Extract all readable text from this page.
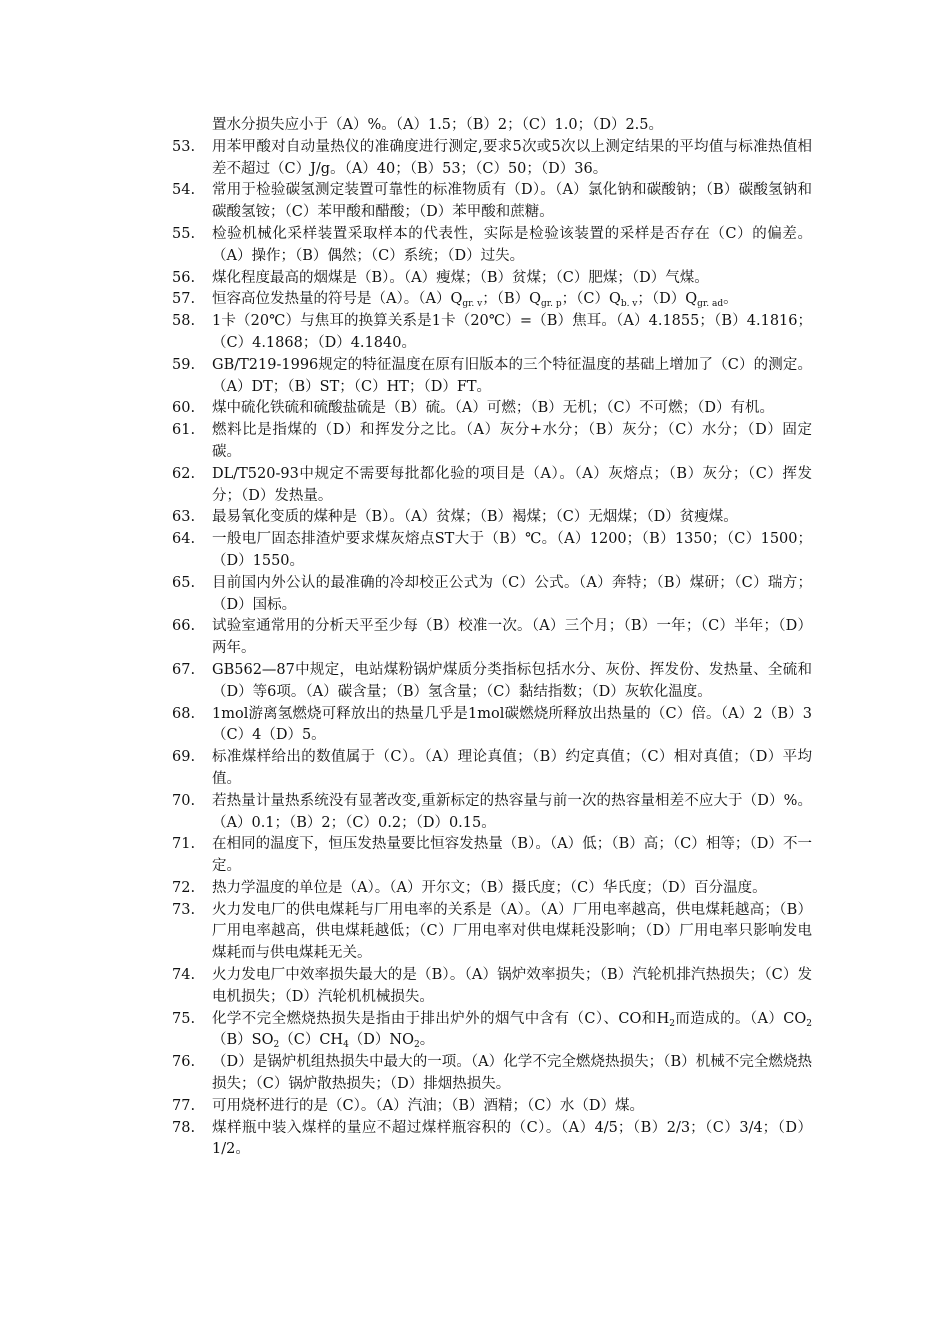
置水分损失应小于（A）%。（A）1.5；（B）2；（C）1.0；（D）2.5。
53.	用苯甲酸对自动量热仪的准确度进行测定,要求5次或5次以上测定结果的平均值与标准热值相差不超过（C）J/g。（A）40；（B）53；（C）50；（D）36。
54.	常用于检验碳氢测定装置可靠性的标准物质有（D）。（A）氯化钠和碳酸钠；（B）碳酸氢钠和碳酸氢铵；（C）苯甲酸和醋酸；（D）苯甲酸和蔗糖。
55.	检验机械化采样装置采取样本的代表性，实际是检验该装置的采样是否存在（C）的偏差。（A）操作；（B）偶然；（C）系统；（D）过失。
56.	煤化程度最高的烟煤是（B）。（A）瘦煤；（B）贫煤；（C）肥煤；（D）气煤。
57.	恒容高位发热量的符号是（A）。$(A)Q_{gr. v}$；$(B)Q_{gr. p}$；$(C)Q_{b. v}$；$(D)Q_{gr. ad}$。
58.	1卡（20℃）与焦耳的换算关系是1卡（20℃）=（B）焦耳。（A）4.1855；（B）4.1816；（C）4.1868；（D）4.1840。
59.	GB/T219-1996规定的特征温度在原有旧版本的三个特征温度的基础上增加了（C）的测定。（A）DT；（B）ST；（C）HT；（D）FT。
60.	煤中硫化铁硫和硫酸盐硫是（B）硫。（A）可燃；（B）无机；（C）不可燃；（D）有机。
61.	燃料比是指煤的（D）和挥发分之比。（A）灰分+水分；（B）灰分；（C）水分；（D）固定碳。
62.	DL/T520-93中规定不需要每批都化验的项目是（A）。（A）灰熔点；（B）灰分；（C）挥发分；（D）发热量。
63.	最易氧化变质的煤种是（B）。（A）贫煤；（B）褐煤；（C）无烟煤；（D）贫瘦煤。
64.	一般电厂固态排渣炉要求煤灰熔点ST大于（B）℃。（A）1200；（B）1350；（C）1500；（D）1550。
65.	目前国内外公认的最准确的冷却校正公式为（C）公式。（A）奔特；（B）煤研；（C）瑞方；（D）国标。
66.	试验室通常用的分析天平至少每（B）校准一次。（A）三个月；（B）一年；（C）半年；（D）两年。
67.	GB562—87中规定，电站煤粉锅炉煤质分类指标包括水分、灰份、挥发份、发热量、全硫和（D）等6项。（A）碳含量；（B）氢含量；（C）黏结指数；（D）灰软化温度。
68.	1mol游离氢燃烧可释放出的热量几乎是1mol碳燃烧所释放出热量的（C）倍。（A）2（B）3（C）4（D）5。
69.	标准煤样给出的数值属于（C）。（A）理论真值；（B）约定真值；（C）相对真值；（D）平均值。
70.	若热量计量热系统没有显著改变,重新标定的热容量与前一次的热容量相差不应大于（D）%。（A）0.1；（B）2；（C）0.2；（D）0.15。
71.	在相同的温度下，恒压发热量要比恒容发热量（B）。（A）低；（B）高；（C）相等；（D）不一定。
72.	热力学温度的单位是（A）。（A）开尔文；（B）摄氏度；（C）华氏度；（D）百分温度。
73.	火力发电厂的供电煤耗与厂用电率的关系是（A）。（A）厂用电率越高，供电煤耗越高；（B）厂用电率越高，供电煤耗越低；（C）厂用电率对供电煤耗没影响；（D）厂用电率只影响发电煤耗而与供电煤耗无关。
74.	火力发电厂中效率损失最大的是（B）。（A）锅炉效率损失；（B）汽轮机排汽热损失；（C）发电机损失；（D）汽轮机机械损失。
75.	化学不完全燃烧热损失是指由于排出炉外的烟气中含有（C）、CO和$H_2$而造成的。$(A)CO_2(B)SO_2(C)CH_4(D)NO_2$。
76.	（D）是锅炉机组热损失中最大的一项。（A）化学不完全燃烧热损失；（B）机械不完全燃烧热损失；（C）锅炉散热损失；（D）排烟热损失。
77.	可用烧杯进行的是（C）。（A）汽油；（B）酒精；（C）水（D）煤。
78.	煤样瓶中装入煤样的量应不超过煤样瓶容积的（C）。（A）4/5；（B）2/3；（C）3/4；（D）1/2。
